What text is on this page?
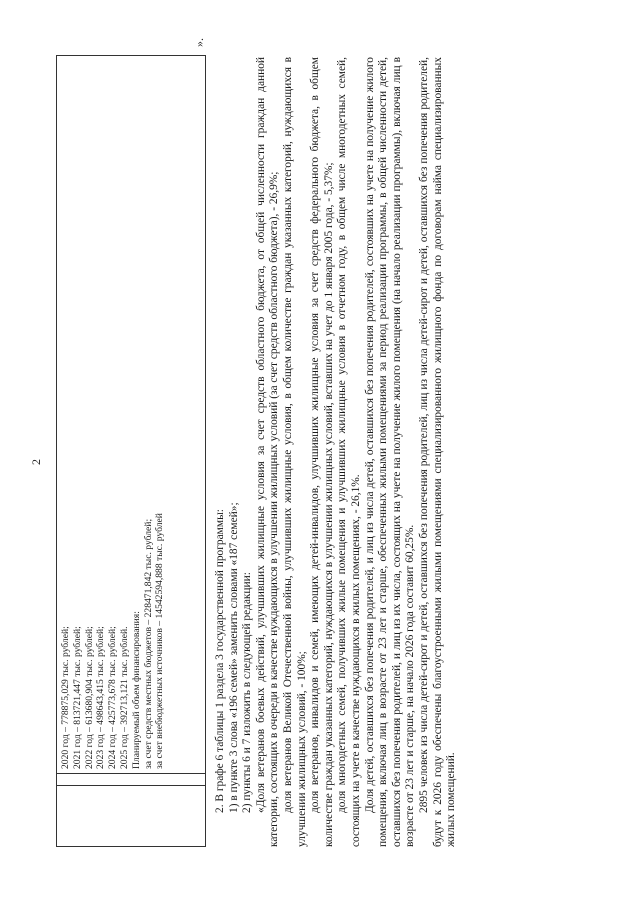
2
2020 год – 778875,029 тыс. рублей; 2021 год – 813721,447 тыс. рублей; 2022 год – 613680,904 тыс. рублей; 2023 год – 498643,415 тыс. рублей; 2024 год – 425773,678 тыс. рублей; 2025 год – 392713,121 тыс. рублей. Планируемый объем финансирования: за счет средств местных бюджетов – 228471,842 тыс. рублей; за счет внебюджетных источников – 14542594,888 тыс. рублей
».

2. В графе 6 таблицы 1 раздела 3 государственной программы: 1) в пункте 3 слова «196 семей» заменить словами «187 семей»; 2) пункты 6 и 7 изложить в следующей редакции: «Доля ветеранов боевых действий, улучшивших жилищные условия за счет средств областного бюджета, от общей численности граждан данной категории, состоящих в очереди в качестве нуждающихся в улучшении жилищных условий (за счет средств областного бюджета), - 26,9%; доля ветеранов Великой Отечественной войны, улучшивших жилищные условия, в общем количестве граждан указанных категорий, нуждающихся в улучшении жилищных условий, - 100%; доля ветеранов, инвалидов и семей, имеющих детей-инвалидов, улучшивших жилищные условия за счет средств федерального бюджета, в общем количестве граждан указанных категорий, нуждающихся в улучшении жилищных условий, вставших на учет до 1 января 2005 года, - 5,37%; доля многодетных семей, получивших жилые помещения и улучшивших жилищные условия в отчетном году, в общем числе многодетных семей, состоящих на учете в качестве нуждающихся в жилых помещениях, - 26,1%. Доля детей, оставшихся без попечения родителей, и лиц из числа детей, оставшихся без попечения родителей, состоявших на учете на получение жилого помещения, включая лиц в возрасте от 23 лет и старше, обеспеченных жилыми помещениями за период реализации программы, в общей численности детей, оставшихся без попечения родителей, и лиц из их числа, состоящих на учете на получение жилого помещения (на начало реализации программы), включая лиц в возрасте от 23 лет и старше, на начало 2026 года составит 60,25%. 2895 человек из числа детей-сирот и детей, оставшихся без попечения родителей, лиц из числа детей-сирот и детей, оставшихся без попечения родителей, будут к 2026 году обеспечены благоустроенными жилыми помещениями специализированного жилищного фонда по договорам найма специализированных жилых помещений.
